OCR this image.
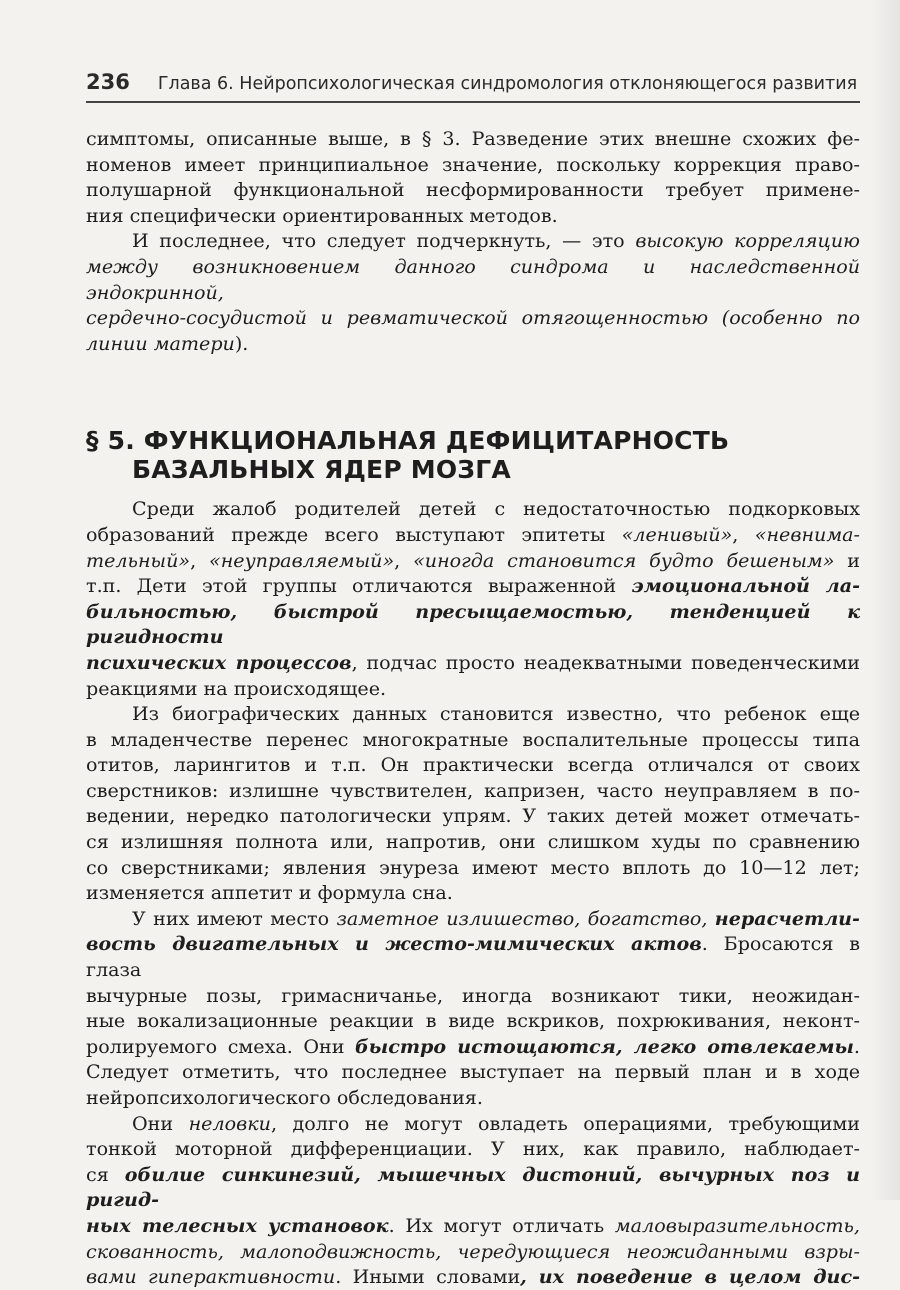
236 Глава 6. Нейропсихологическая синдромология отклоняющегося развития

симптомы, описанные выше, в § 3. Разведение этих внешне схожих фе-

номенов имеет принципиальное значение, поскольку коррекция право-

полушарной функциональной несформированности требует примене-

ния специфически ориентированных методов.

И последнее, что следует подчеркнуть, — это высокую корреляцию

между возникновением данного синдрома и наследственной эндокринной,

сердечно-сосудистой и ревматической отягощенностью (особенно по

линии матери).

§ 5. ФУНКЦИОНАЛЬНАЯ ДЕФИЦИТАРНОСТЬ
БАЗАЛЬНЫХ ЯДЕР МОЗГА

Среди жалоб родителей детей с недостаточностью подкорковых

образований прежде всего выступают эпитеты «ленивый», «невнима-

тельный», «неуправляемый», «иногда становится будто бешеным» и

т.п. Дети этой группы отличаются выраженной эмоциональной ла-

бильностью, быстрой пресыщаемостью, тенденцией к ригидности

психических процессов, подчас просто неадекватными поведенческими

реакциями на происходящее.

Из биографических данных становится известно, что ребенок еще

в младенчестве перенес многократные воспалительные процессы типа

отитов, ларингитов и т.п. Он практически всегда отличался от своих

сверстников: излишне чувствителен, капризен, часто неуправляем в по-

ведении, нередко патологически упрям. У таких детей может отмечать-

ся излишняя полнота или, напротив, они слишком худы по сравнению

со сверстниками; явления энуреза имеют место вплоть до 10—12 лет;

изменяется аппетит и формула сна.

У них имеют место заметное излишество, богатство, нерасчетли-

вость двигательных и жесто-мимических актов. Бросаются в глаза

вычурные позы, гримасничанье, иногда возникают тики, неожидан-

ные вокализационные реакции в виде вскриков, похрюкивания, неконт-

ролируемого смеха. Они быстро истощаются, легко отвлекаемы.

Следует отметить, что последнее выступает на первый план и в ходе

нейропсихологического обследования.

Они неловки, долго не могут овладеть операциями, требующими

тонкой моторной дифференциации. У них, как правило, наблюдает-

ся обилие синкинезий, мышечных дистоний, вычурных поз и ригид-

ных телесных установок. Их могут отличать маловыразительность,

скованность, малоподвижность, чередующиеся неожиданными взры-

вами гиперактивности. Иными словами, их поведение в целом дис-
